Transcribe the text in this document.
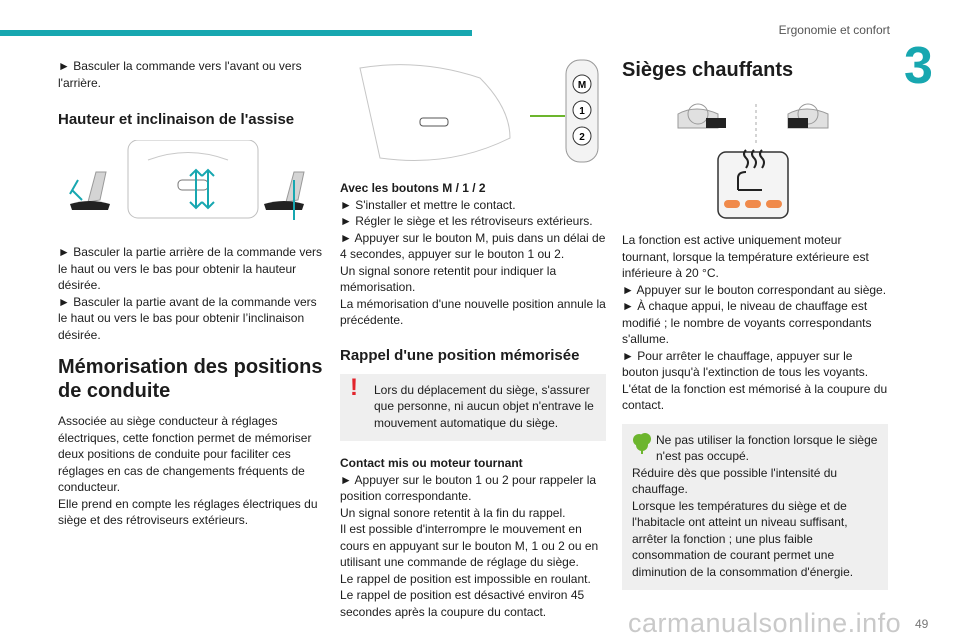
Ergonomie et confort
3
► Basculer la commande vers l'avant ou vers l'arrière.
Hauteur et inclinaison de l'assise
► Basculer la partie arrière de la commande vers le haut ou vers le bas pour obtenir la hauteur désirée.
► Basculer la partie avant de la commande vers le haut ou vers le bas pour obtenir l’inclinaison désirée.
Mémorisation des positions de conduite
Associée au siège conducteur à réglages électriques, cette fonction permet de mémoriser deux positions de conduite pour faciliter ces réglages en cas de changements fréquents de conducteur.
Elle prend en compte les réglages électriques du siège et des rétroviseurs extérieurs.
M
1
2
Avec les boutons M / 1 / 2
► S'installer et mettre le contact.
► Régler le siège et les rétroviseurs extérieurs.
► Appuyer sur le bouton M, puis dans un délai de 4 secondes, appuyer sur le bouton 1 ou 2.
Un signal sonore retentit pour indiquer la mémorisation.
La mémorisation d'une nouvelle position annule la précédente.
Rappel d'une position mémorisée
!	Lors du déplacement du siège, s'assurer que personne, ni aucun objet n'entrave le mouvement automatique du siège.
Contact mis ou moteur tournant
► Appuyer sur le bouton 1 ou 2 pour rappeler la position correspondante.
Un signal sonore retentit à la fin du rappel.
Il est possible d'interrompre le mouvement en cours en appuyant sur le bouton M, 1 ou 2 ou en utilisant une commande de réglage du siège.
Le rappel de position est impossible en roulant.
Le rappel de position est désactivé environ 45 secondes après la coupure du contact.
Sièges chauffants
La fonction est active uniquement moteur tournant, lorsque la température extérieure est inférieure à 20 °C.
► Appuyer sur le bouton correspondant au siège.
► À chaque appui, le niveau de chauffage est modifié ; le nombre de voyants correspondants s'allume.
► Pour arrêter le chauffage, appuyer sur le bouton jusqu'à l'extinction de tous les voyants.
L'état de la fonction est mémorisé à la coupure du contact.
Ne pas utiliser la fonction lorsque le siège n'est pas occupé.
Réduire dès que possible l'intensité du chauffage.
Lorsque les températures du siège et de l'habitacle ont atteint un niveau suffisant, arrêter la fonction ; une plus faible consommation de courant permet une diminution de la consommation d'énergie.
carmanualsonline.info 49
